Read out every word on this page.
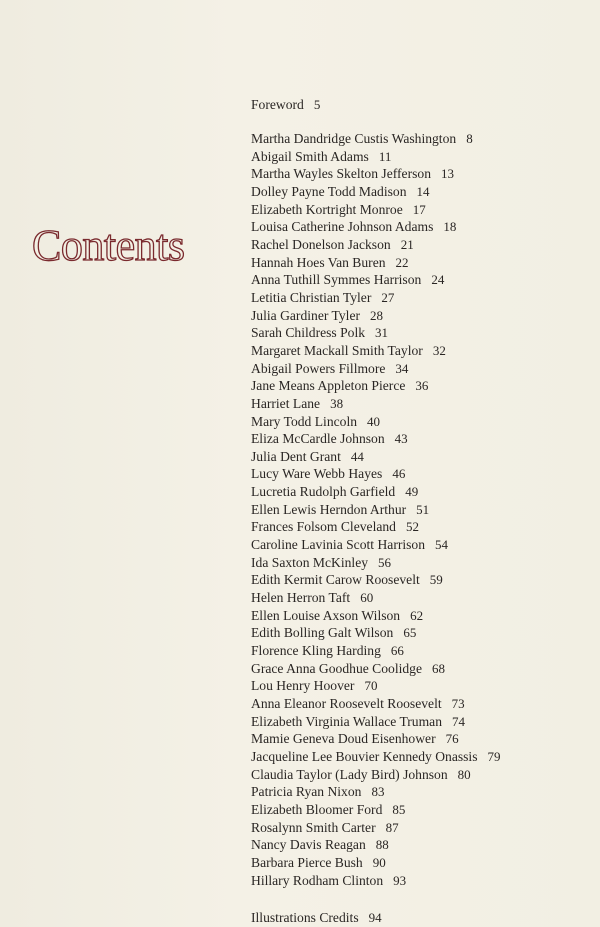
Contents
Foreword 5
Martha Dandridge Custis Washington 8
Abigail Smith Adams 11
Martha Wayles Skelton Jefferson 13
Dolley Payne Todd Madison 14
Elizabeth Kortright Monroe 17
Louisa Catherine Johnson Adams 18
Rachel Donelson Jackson 21
Hannah Hoes Van Buren 22
Anna Tuthill Symmes Harrison 24
Letitia Christian Tyler 27
Julia Gardiner Tyler 28
Sarah Childress Polk 31
Margaret Mackall Smith Taylor 32
Abigail Powers Fillmore 34
Jane Means Appleton Pierce 36
Harriet Lane 38
Mary Todd Lincoln 40
Eliza McCardle Johnson 43
Julia Dent Grant 44
Lucy Ware Webb Hayes 46
Lucretia Rudolph Garfield 49
Ellen Lewis Herndon Arthur 51
Frances Folsom Cleveland 52
Caroline Lavinia Scott Harrison 54
Ida Saxton McKinley 56
Edith Kermit Carow Roosevelt 59
Helen Herron Taft 60
Ellen Louise Axson Wilson 62
Edith Bolling Galt Wilson 65
Florence Kling Harding 66
Grace Anna Goodhue Coolidge 68
Lou Henry Hoover 70
Anna Eleanor Roosevelt Roosevelt 73
Elizabeth Virginia Wallace Truman 74
Mamie Geneva Doud Eisenhower 76
Jacqueline Lee Bouvier Kennedy Onassis 79
Claudia Taylor (Lady Bird) Johnson 80
Patricia Ryan Nixon 83
Elizabeth Bloomer Ford 85
Rosalynn Smith Carter 87
Nancy Davis Reagan 88
Barbara Pierce Bush 90
Hillary Rodham Clinton 93
Illustrations Credits 94
